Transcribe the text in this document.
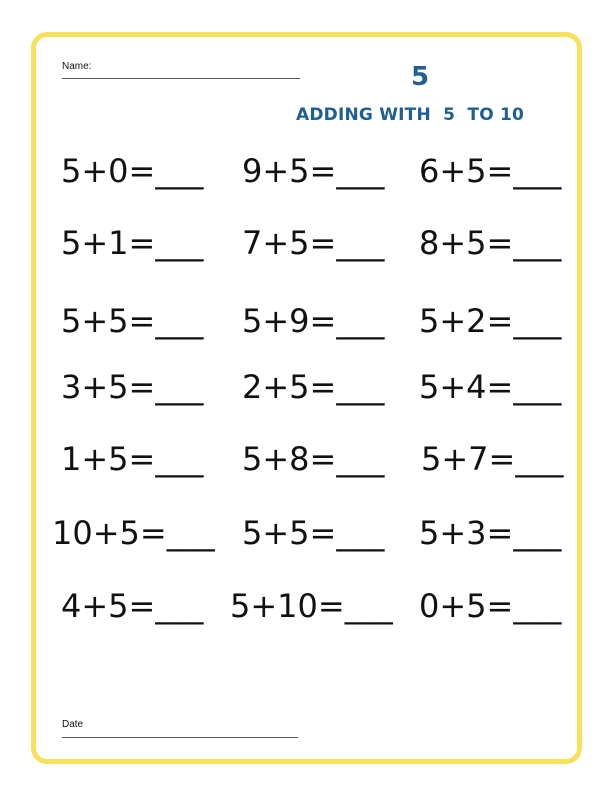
Name:	5
ADDING WITH  5  TO 10
5+0=___ 9+5=___ 6+5=___
5+1=___ 7+5=___ 8+5=___
5+5=___ 5+9=___ 5+2=___
3+5=___ 2+5=___ 5+4=___
1+5=___ 5+8=___ 5+7=___
10+5=___ 5+5=___ 5+3=___
4+5=___ 5+10=___ 0+5=___
Date
